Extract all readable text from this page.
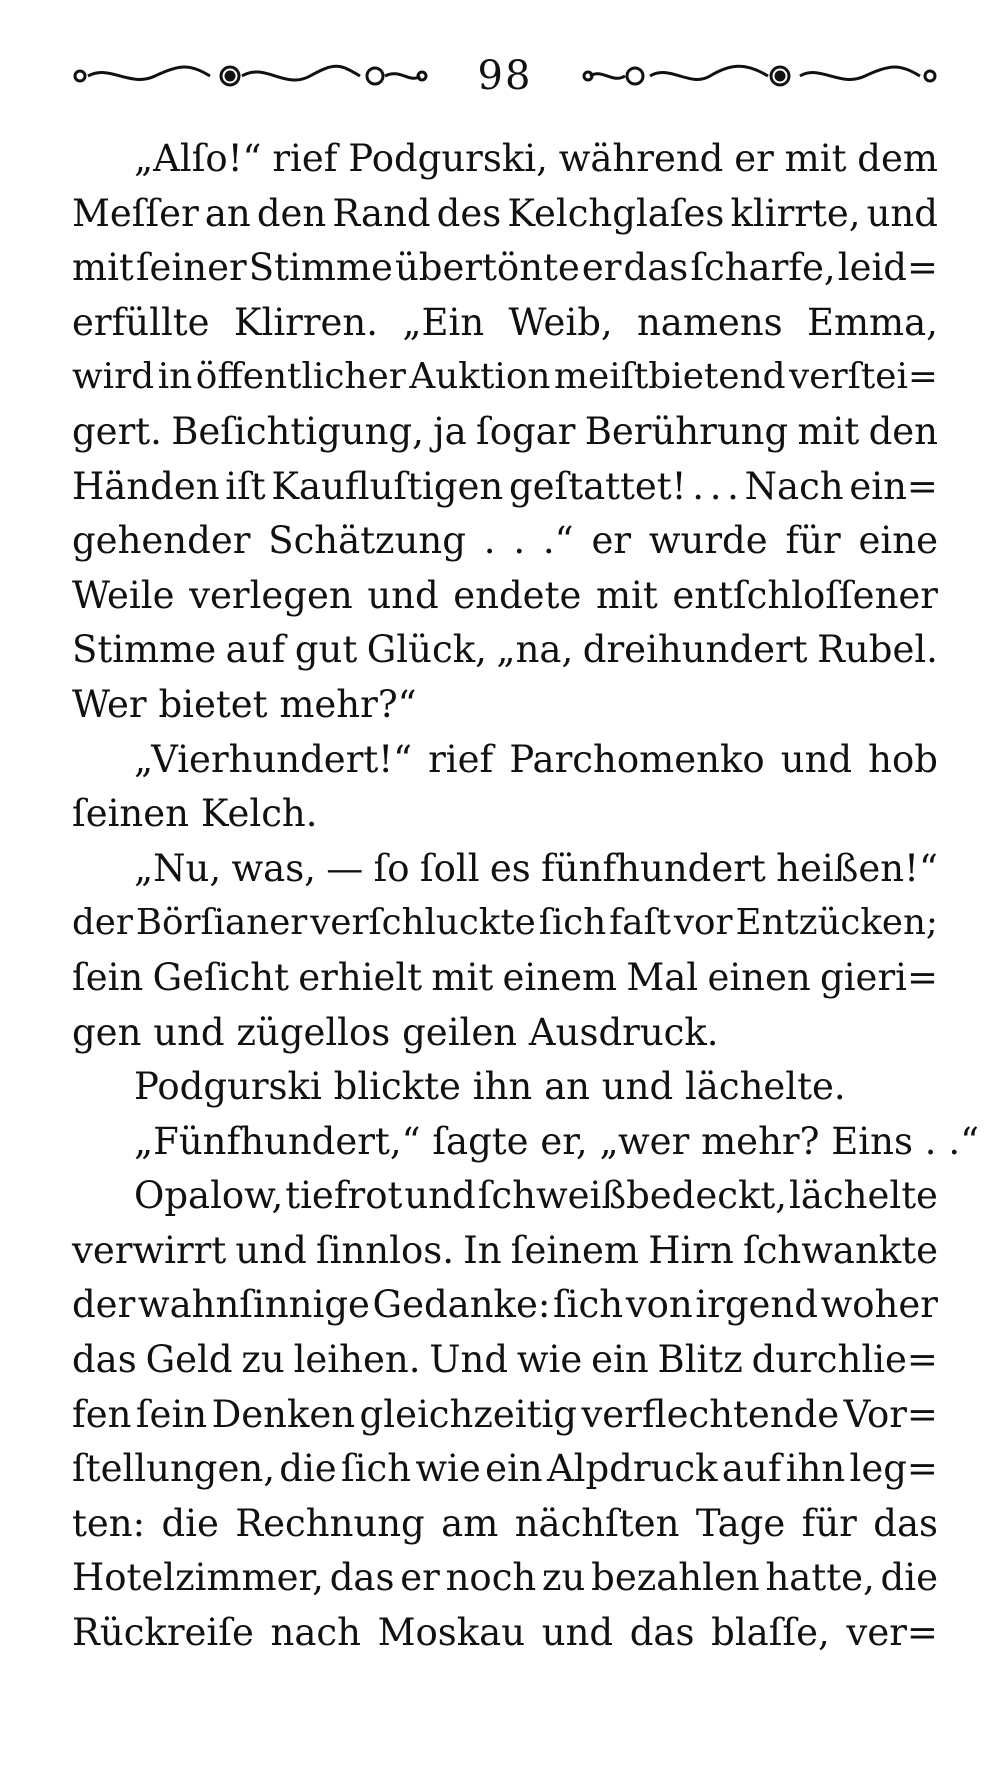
98
„Alſo!“ rief Podgurski, während er mit dem
Meſſer an den Rand des Kelchglaſes klirrte, und
mit ſeiner Stimme übertönte er das ſcharfe, leid=
erfüllte Klirren. „Ein Weib, namens Emma,
wird in öffentlicher Auktion meiſtbietend verſtei=
gert. Beſichtigung, ja ſogar Berührung mit den
Händen iſt Kaufluſtigen geſtattet! . . . Nach ein=
gehender Schätzung . . .“ er wurde für eine
Weile verlegen und endete mit entſchloſſener
Stimme auf gut Glück, „na, dreihundert Rubel.
Wer bietet mehr?“
„Vierhundert!“ rief Parchomenko und hob
ſeinen Kelch.
„Nu, was, — ſo ſoll es fünfhundert heißen!“
der Börſianer verſchluckte ſich faſt vor Entzücken;
ſein Geſicht erhielt mit einem Mal einen gieri=
gen und zügellos geilen Ausdruck.
Podgurski blickte ihn an und lächelte.
„Fünfhundert,“ ſagte er, „wer mehr? Eins . .“
Opalow, tiefrot und ſchweißbedeckt, lächelte
verwirrt und ſinnlos. In ſeinem Hirn ſchwankte
der wahnſinnige Gedanke: ſich von irgend woher
das Geld zu leihen. Und wie ein Blitz durchlie=
fen ſein Denken gleichzeitig verflechtende Vor=
ſtellungen, die ſich wie ein Alpdruck auf ihn leg=
ten: die Rechnung am nächſten Tage für das
Hotelzimmer, das er noch zu bezahlen hatte, die
Rückreiſe nach Moskau und das blaſſe, ver=
